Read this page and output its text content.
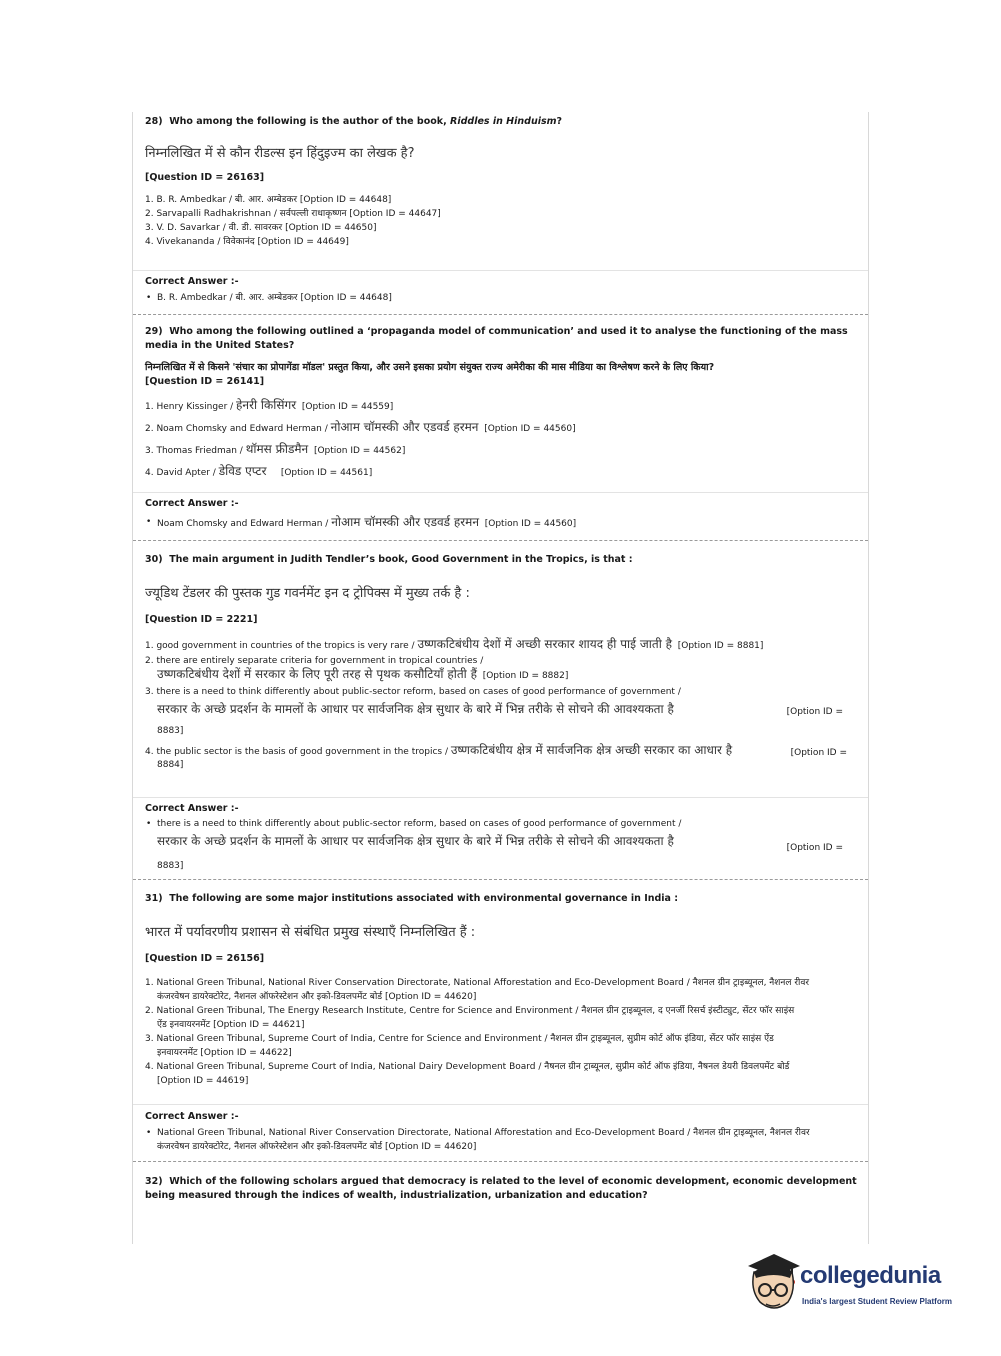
28) Who among the following is the author of the book, Riddles in Hinduism?

निम्नलिखित में से कौन रीडल्स इन हिंदुइज्म का लेखक है?

[Question ID = 26163]

1. B. R. Ambedkar / बी. आर. अम्बेडकर [Option ID = 44648]
2. Sarvapalli Radhakrishnan / सर्वपल्ली राधाकृष्णन [Option ID = 44647]
3. V. D. Savarkar / वी. डी. सावरकर [Option ID = 44650]
4. Vivekananda / विवेकानंद [Option ID = 44649]

Correct Answer :-

• B. R. Ambedkar / बी. आर. अम्बेडकर [Option ID = 44648]

29) Who among the following outlined a ‘propaganda model of communication’ and used it to analyse the functioning of the mass media in the United States?

निम्नलिखित में से किसने 'संचार का प्रोपागेंडा मॉडल' प्रस्तुत किया, और उसने इसका प्रयोग संयुक्त राज्य अमेरीका की मास मीडिया का विश्लेषण करने के लिए किया?

[Question ID = 26141]

1. Henry Kissinger / हेनरी किसिंगर [Option ID = 44559]
2. Noam Chomsky and Edward Herman / नोआम चॉमस्की और एडवर्ड हरमन [Option ID = 44560]
3. Thomas Friedman / थॉमस फ्रीडमैन [Option ID = 44562]
4. David Apter / डेविड एप्टर [Option ID = 44561]

Correct Answer :-

• Noam Chomsky and Edward Herman / नोआम चॉमस्की और एडवर्ड हरमन [Option ID = 44560]

30) The main argument in Judith Tendler’s book, Good Government in the Tropics, is that :

ज्यूडिथ टेंडलर की पुस्तक गुड गवर्नमेंट इन द ट्रोपिक्स में मुख्य तर्क है :

[Question ID = 2221]

1. good government in countries of the tropics is very rare / उष्णकटिबंधीय देशों में अच्छी सरकार शायद ही पाई जाती है [Option ID = 8881]
2. there are entirely separate criteria for government in tropical countries /
उष्णकटिबंधीय देशों में सरकार के लिए पूरी तरह से पृथक कसौटियाँ होती हैं [Option ID = 8882]
3. there is a need to think differently about public-sector reform, based on cases of good performance of government /
सरकार के अच्छे प्रदर्शन के मामलों के आधार पर सार्वजनिक क्षेत्र सुधार के बारे में भिन्न तरीके से सोचने की आवश्यकता है	[Option ID =
8883]
4. the public sector is the basis of good government in the tropics / उष्णकटिबंधीय क्षेत्र में सार्वजनिक क्षेत्र अच्छी सरकार का आधार है	[Option ID =
8884]

Correct Answer :-

• there is a need to think differently about public-sector reform, based on cases of good performance of government /

सरकार के अच्छे प्रदर्शन के मामलों के आधार पर सार्वजनिक क्षेत्र सुधार के बारे में भिन्न तरीके से सोचने की आवश्यकता है	[Option ID =
8883]

31) The following are some major institutions associated with environmental governance in India :

भारत में पर्यावरणीय प्रशासन से संबंधित प्रमुख संस्थाएँ निम्नलिखित हैं :

[Question ID = 26156]

1. National Green Tribunal, National River Conservation Directorate, National Afforestation and Eco-Development Board / नैशनल ग्रीन ट्राइब्यूनल, नैशनल रीवर
कंजरवेषन डायरेक्टोरेट, नैशनल ऑफरेस्टेशन और इको-डिवलपमेंट बोर्ड [Option ID = 44620]
2. National Green Tribunal, The Energy Research Institute, Centre for Science and Environment / नैशनल ग्रीन ट्राइब्यूनल, द एनर्जी रिसर्च इंस्टीट्युट, सेंटर फॉर साइंस
ऐंड इनवायरनमेंट [Option ID = 44621]
3. National Green Tribunal, Supreme Court of India, Centre for Science and Environment / नैशनल ग्रीन ट्राइब्यूनल, सुप्रीम कोर्ट ऑफ इंडिया, सेंटर फॉर साइंस ऐंड
इनवायरनमेंट [Option ID = 44622]
4. National Green Tribunal, Supreme Court of India, National Dairy Development Board / नैषनल ग्रीन ट्राब्यूनल, सुप्रीम कोर्ट ऑफ इंडिया, नैषनल डेयरी डिवलपमेंट बोर्ड
[Option ID = 44619]

Correct Answer :-

• National Green Tribunal, National River Conservation Directorate, National Afforestation and Eco-Development Board / नैशनल ग्रीन ट्राइब्यूनल, नैशनल रीवर

कंजरवेषन डायरेक्टोरेट, नैशनल ऑफरेस्टेशन और इको-डिवलपमेंट बोर्ड [Option ID = 44620]

32) Which of the following scholars argued that democracy is related to the level of economic development, economic development being measured through the indices of wealth, industrialization, urbanization and education?

collegedunia
India's largest Student Review Platform
